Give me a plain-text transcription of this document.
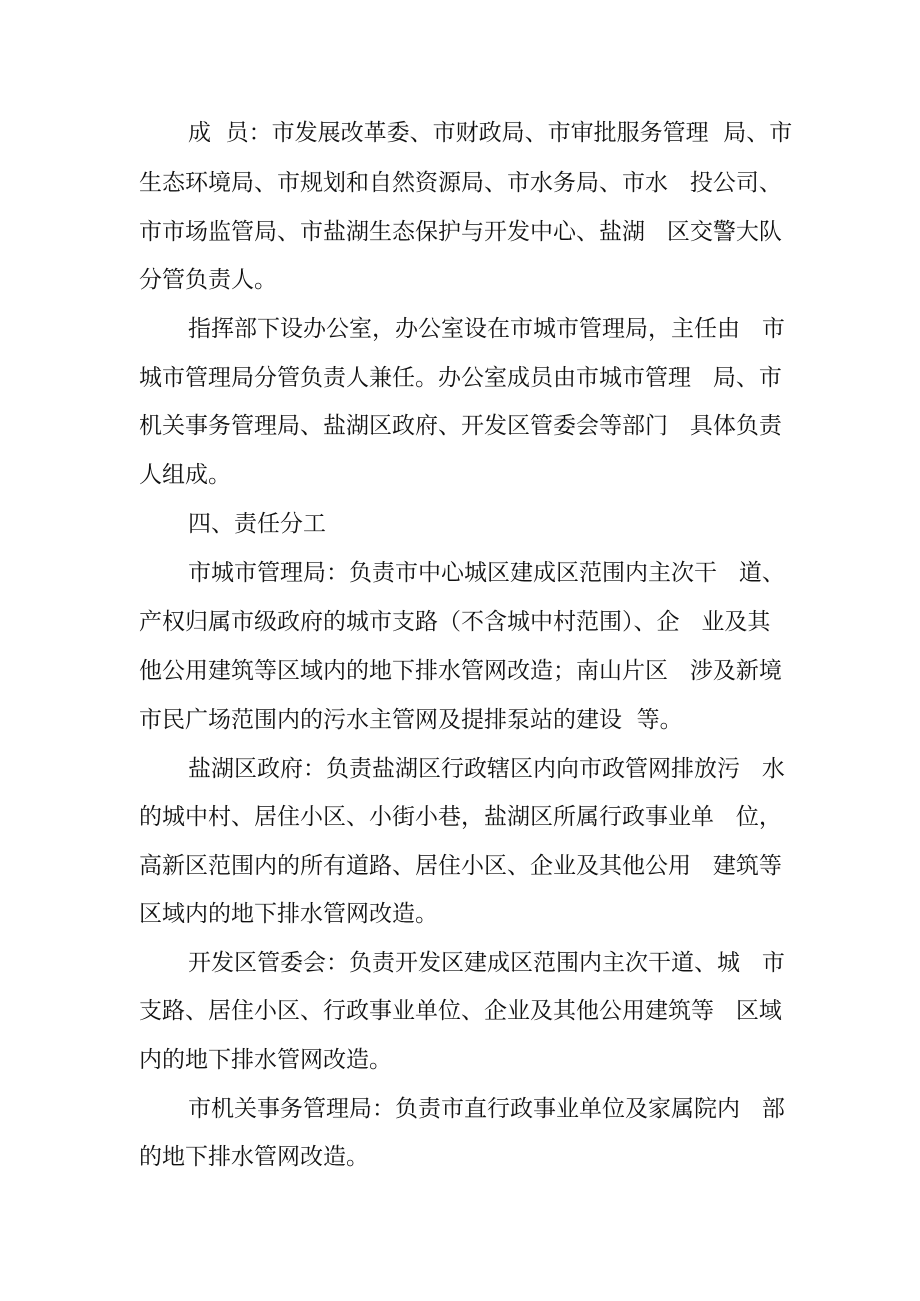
成  员：市发展改革委、市财政局、市审批服务管理  局、市

生态环境局、市规划和自然资源局、市水务局、市水   投公司、

市市场监管局、市盐湖生态保护与开发中心、盐湖   区交警大队

分管负责人。

指挥部下设办公室，办公室设在市城市管理局，主任由   市

城市管理局分管负责人兼任。办公室成员由市城市管理   局、市

机关事务管理局、盐湖区政府、开发区管委会等部门   具体负责

人组成。

四、责任分工

市城市管理局：负责市中心城区建成区范围内主次干   道、

产权归属市级政府的城市支路（不含城中村范围）、企   业及其

他公用建筑等区域内的地下排水管网改造；南山片区   涉及新境

市民广场范围内的污水主管网及提排泵站的建设  等。

盐湖区政府：负责盐湖区行政辖区内向市政管网排放污   水

的城中村、居住小区、小街小巷，盐湖区所属行政事业单   位，

高新区范围内的所有道路、居住小区、企业及其他公用   建筑等

区域内的地下排水管网改造。

开发区管委会：负责开发区建成区范围内主次干道、城   市

支路、居住小区、行政事业单位、企业及其他公用建筑等   区域

内的地下排水管网改造。

市机关事务管理局：负责市直行政事业单位及家属院内   部

的地下排水管网改造。
